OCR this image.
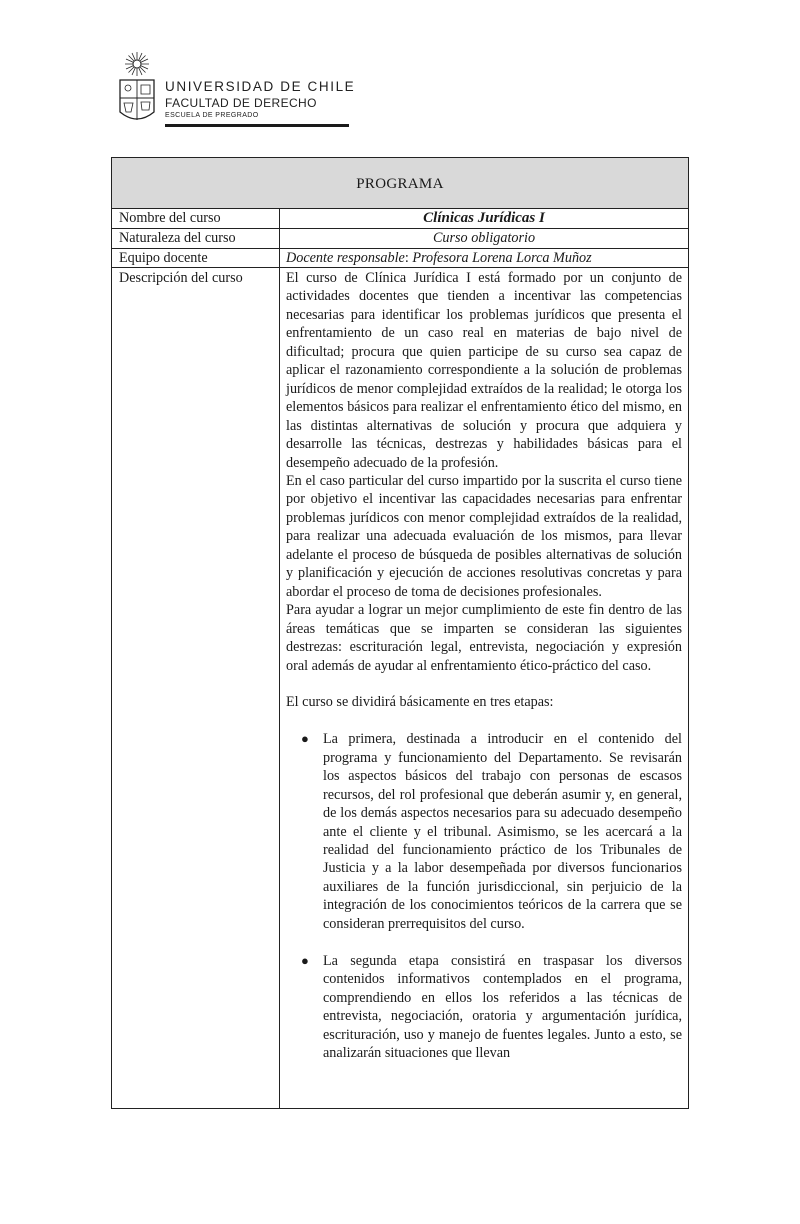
UNIVERSIDAD DE CHILE
FACULTAD DE DERECHO
ESCUELA DE PREGRADO
PROGRAMA
Nombre del curso	Clínicas Jurídicas I
Naturaleza del curso	Curso obligatorio
Equipo docente	Docente responsable: Profesora Lorena Lorca Muñoz
Descripción del curso	El curso de Clínica Jurídica I está formado por un conjunto de actividades docentes que tienden a incentivar las competencias necesarias para identificar los problemas jurídicos que presenta el enfrentamiento de un caso real en materias de bajo nivel de dificultad; procura que quien participe de su curso sea capaz de aplicar el razonamiento correspondiente a la solución de problemas jurídicos de menor complejidad extraídos de la realidad; le otorga los elementos básicos para realizar el enfrentamiento ético del mismo, en las distintas alternativas de solución y procura que adquiera y desarrolle las técnicas, destrezas y habilidades básicas para el desempeño adecuado de la profesión.

En el caso particular del curso impartido por la suscrita el curso tiene por objetivo el incentivar las capacidades necesarias para enfrentar problemas jurídicos con menor complejidad extraídos de la realidad, para realizar una adecuada evaluación de los mismos, para llevar adelante el proceso de búsqueda de posibles alternativas de solución y planificación y ejecución de acciones resolutivas concretas y para abordar el proceso de toma de decisiones profesionales.

Para ayudar a lograr un mejor cumplimiento de este fin dentro de las áreas temáticas que se imparten se consideran las siguientes destrezas: escrituración legal, entrevista, negociación y expresión oral además de ayudar al enfrentamiento ético-práctico del caso.

El curso se dividirá básicamente en tres etapas:

● La primera, destinada a introducir en el contenido del programa y funcionamiento del Departamento. Se revisarán los aspectos básicos del trabajo con personas de escasos recursos, del rol profesional que deberán asumir y, en general, de los demás aspectos necesarios para su adecuado desempeño ante el cliente y el tribunal. Asimismo, se les acercará a la realidad del funcionamiento práctico de los Tribunales de Justicia y a la labor desempeñada por diversos funcionarios auxiliares de la función jurisdiccional, sin perjuicio de la integración de los conocimientos teóricos de la carrera que se consideran prerrequisitos del curso.
● La segunda etapa consistirá en traspasar los diversos contenidos informativos contemplados en el programa, comprendiendo en ellos los referidos a las técnicas de entrevista, negociación, oratoria y argumentación jurídica, escrituración, uso y manejo de fuentes legales. Junto a esto, se analizarán situaciones que llevan
